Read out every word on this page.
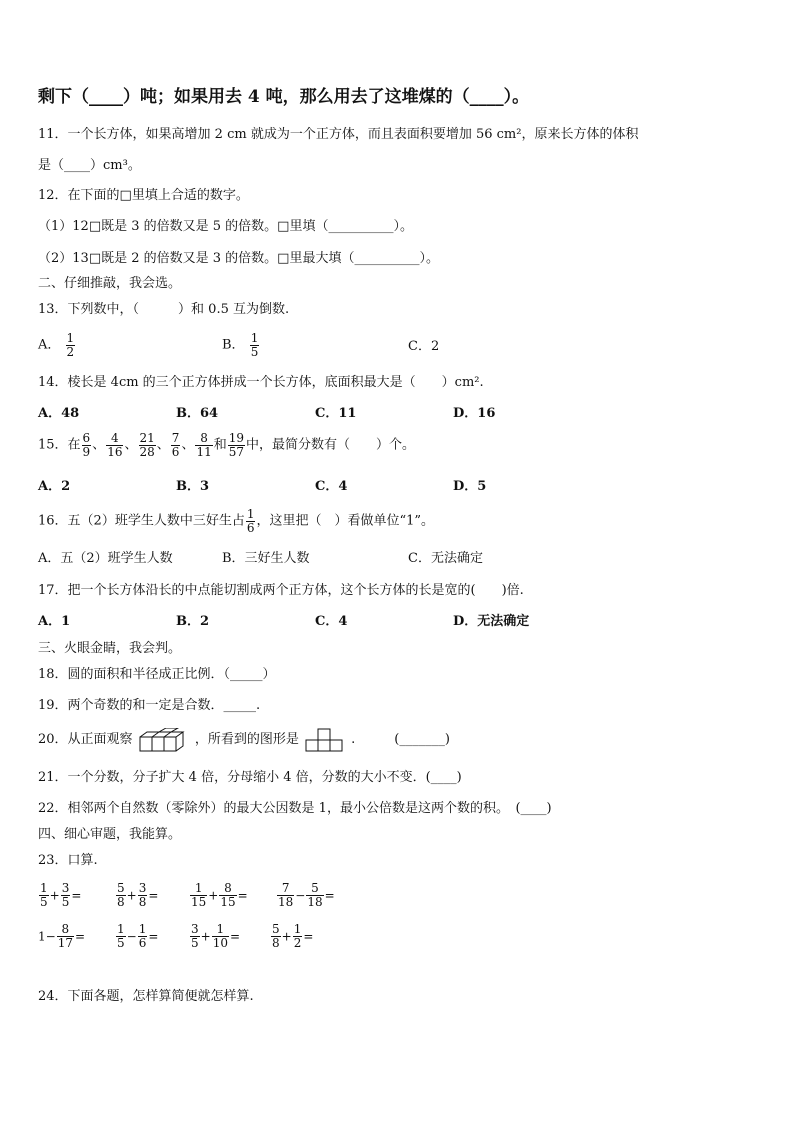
剩下（____）吨；如果用去 4 吨，那么用去了这堆煤的（____）。
11．一个长方体，如果高增加 2 cm 就成为一个正方体，而且表面积要增加 56 cm²，原来长方体的体积
是（____）cm³。
12．在下面的□里填上合适的数字。
（1）12□既是 3 的倍数又是 5 的倍数。□里填（__________）。
（2）13□既是 2 的倍数又是 3 的倍数。□里最大填（__________）。
二、仔细推敲，我会选。
13．下列数中，（　　　）和 0.5 互为倒数.
A． $\frac{1}{2}$	B． $\frac{1}{5}$	C．2
14．棱长是 4cm 的三个正方体拼成一个长方体，底面积最大是（　　）cm².
A．48	B．64	C．11	D．16
15．在 $\frac{6}{9}$ 、 $\frac{4}{16}$ 、 $\frac{21}{28}$ 、 $\frac{7}{6}$ 、 $\frac{8}{11}$ 和 $\frac{19}{57}$ 中，最简分数有（　　）个。
A．2	B．3	C．4	D．5
16．五（2）班学生人数中三好生占 $\frac{1}{6}$ ，这里把（　）看做单位“1”。
A．五（2）班学生人数	B．三好生人数	C．无法确定
17．把一个长方体沿长的中点能切割成两个正方体，这个长方体的长是宽的(　　)倍.
A．1	B．2	C．4	D．无法确定
三、火眼金睛，我会判。
18．圆的面积和半径成正比例．（_____）
19．两个奇数的和一定是合数．_____.
20．从正面观察	，所看到的图形是	.　　　(_______)
21．一个分数，分子扩大 4 倍，分母缩小 4 倍，分数的大小不变．(____)
22．相邻两个自然数（零除外）的最大公因数是 1，最小公倍数是这两个数的积。　(____)
四、细心审题，我能算。
23．口算.
$\frac{1}{5} + \frac{3}{5}$ =	$\frac{5}{8} + \frac{3}{8}$ =	$\frac{1}{15} + \frac{8}{15} = \frac{7}{18} - \frac{5}{18}$ =
$1- \frac{8}{17}$ =	$\frac{1}{5} - \frac{1}{6}$ =	$\frac{3}{5} + \frac{1}{10}$ =	$\frac{5}{8} + \frac{1}{2}$ =
24．下面各题，怎样算简便就怎样算.
